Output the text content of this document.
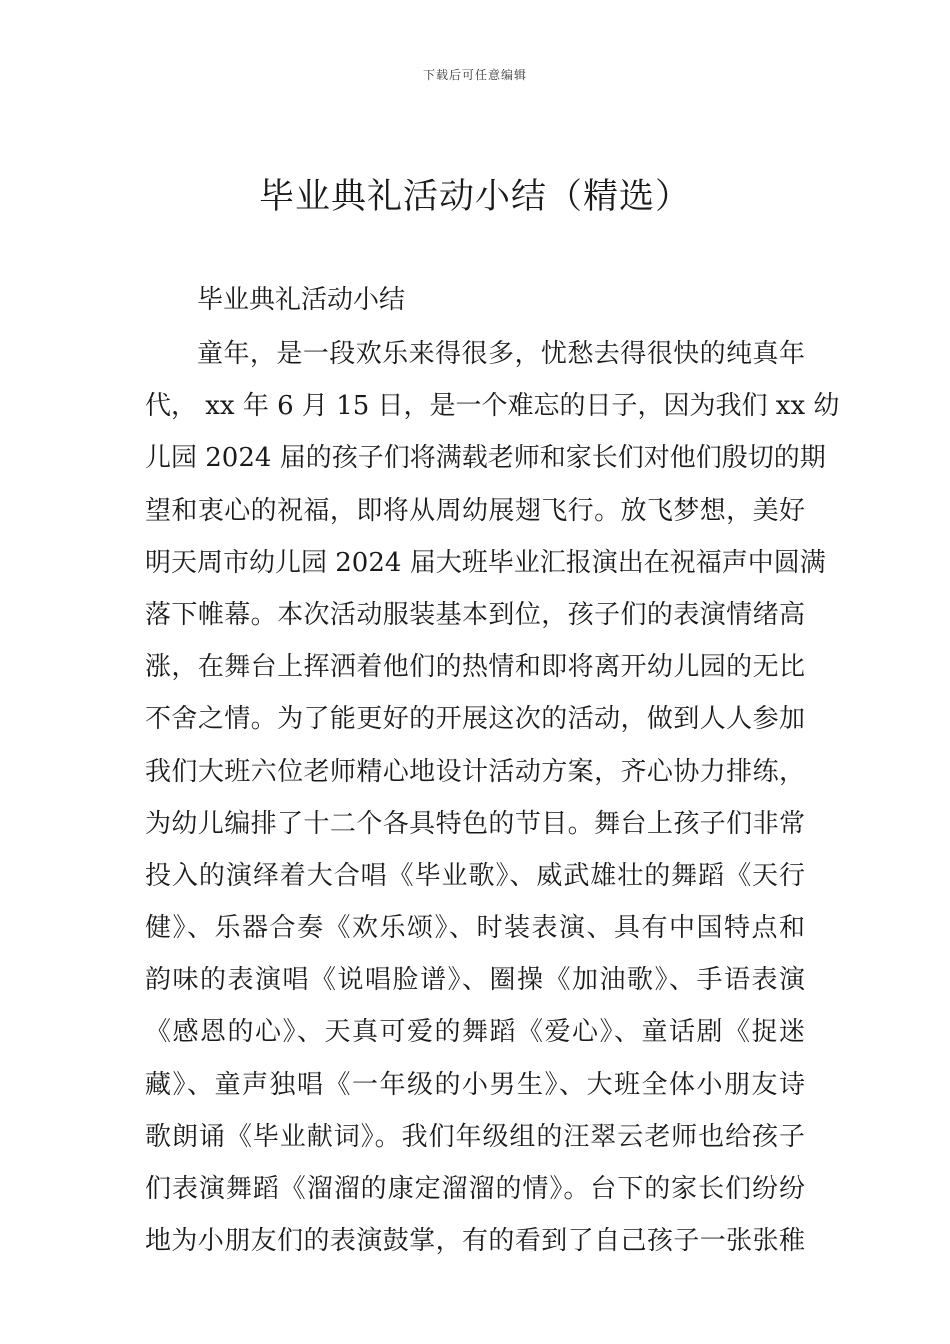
下载后可任意编辑
毕业典礼活动小结（精选）

毕业典礼活动小结

童年，是一段欢乐来得很多，忧愁去得很快的纯真年
代， xx 年 6 月 15 日，是一个难忘的日子，因为我们 xx 幼
儿园 2024 届的孩子们将满载老师和家长们对他们殷切的期
望和衷心的祝福，即将从周幼展翅飞行。放飞梦想，美好
明天周市幼儿园 2024 届大班毕业汇报演出在祝福声中圆满
落下帷幕。本次活动服装基本到位，孩子们的表演情绪高
涨，在舞台上挥洒着他们的热情和即将离开幼儿园的无比
不舍之情。为了能更好的开展这次的活动，做到人人参加
我们大班六位老师精心地设计活动方案，齐心协力排练，
为幼儿编排了十二个各具特色的节目。舞台上孩子们非常
投入的演绎着大合唱《毕业歌》、威武雄壮的舞蹈《天行
健》、乐器合奏《欢乐颂》、时装表演、具有中国特点和
韵味的表演唱《说唱脸谱》、圈操《加油歌》、手语表演
《感恩的心》、天真可爱的舞蹈《爱心》、童话剧《捉迷
藏》、童声独唱《一年级的小男生》、大班全体小朋友诗
歌朗诵《毕业献词》。我们年级组的汪翠云老师也给孩子
们表演舞蹈《溜溜的康定溜溜的情》。台下的家长们纷纷
地为小朋友们的表演鼓掌，有的看到了自己孩子一张张稚
